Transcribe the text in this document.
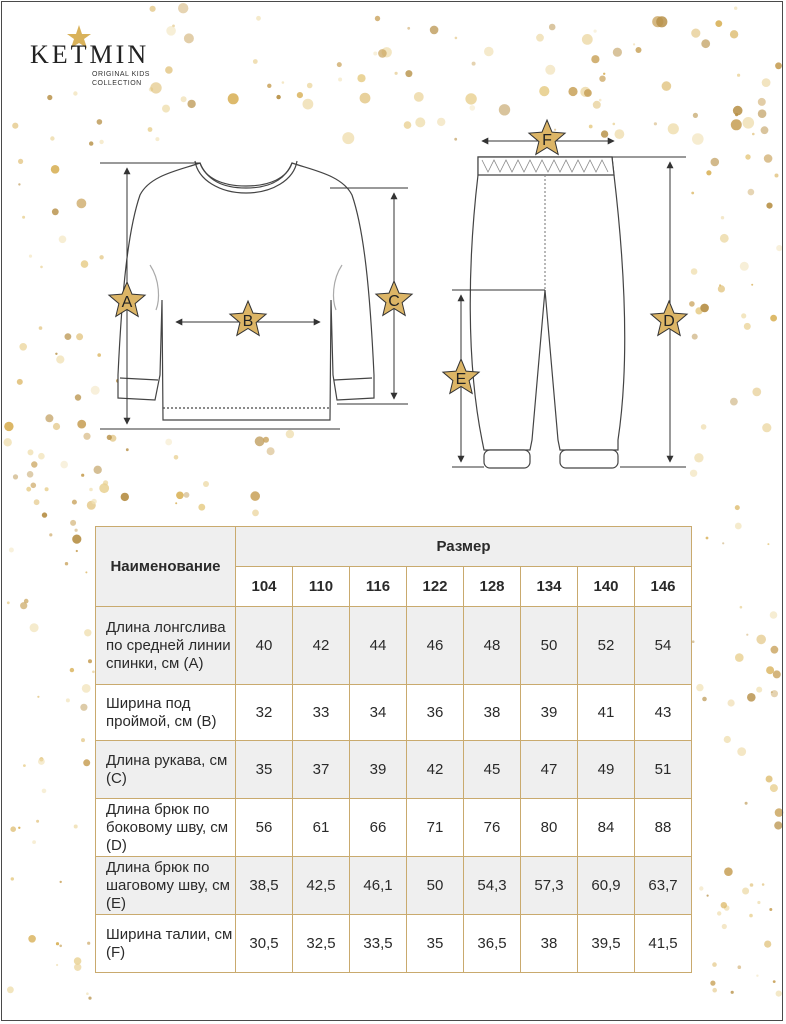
KETMIN
ORIGINAL KIDS
COLLECTION
A
B
C
D
E
F
Наименование	Размер							
	104	110	116	122	128	134	140	146
Длина лонгслива по средней линии спинки, см (A)	40	42	44	46	48	50	52	54
Ширина под проймой, см (B)	32	33	34	36	38	39	41	43
Длина рукава, см (C)	35	37	39	42	45	47	49	51
Длина брюк по боковому шву, см (D)	56	61	66	71	76	80	84	88
Длина брюк по шаговому шву, см (E)	38,5	42,5	46,1	50	54,3	57,3	60,9	63,7
Ширина талии, см (F)	30,5	32,5	33,5	35	36,5	38	39,5	41,5
